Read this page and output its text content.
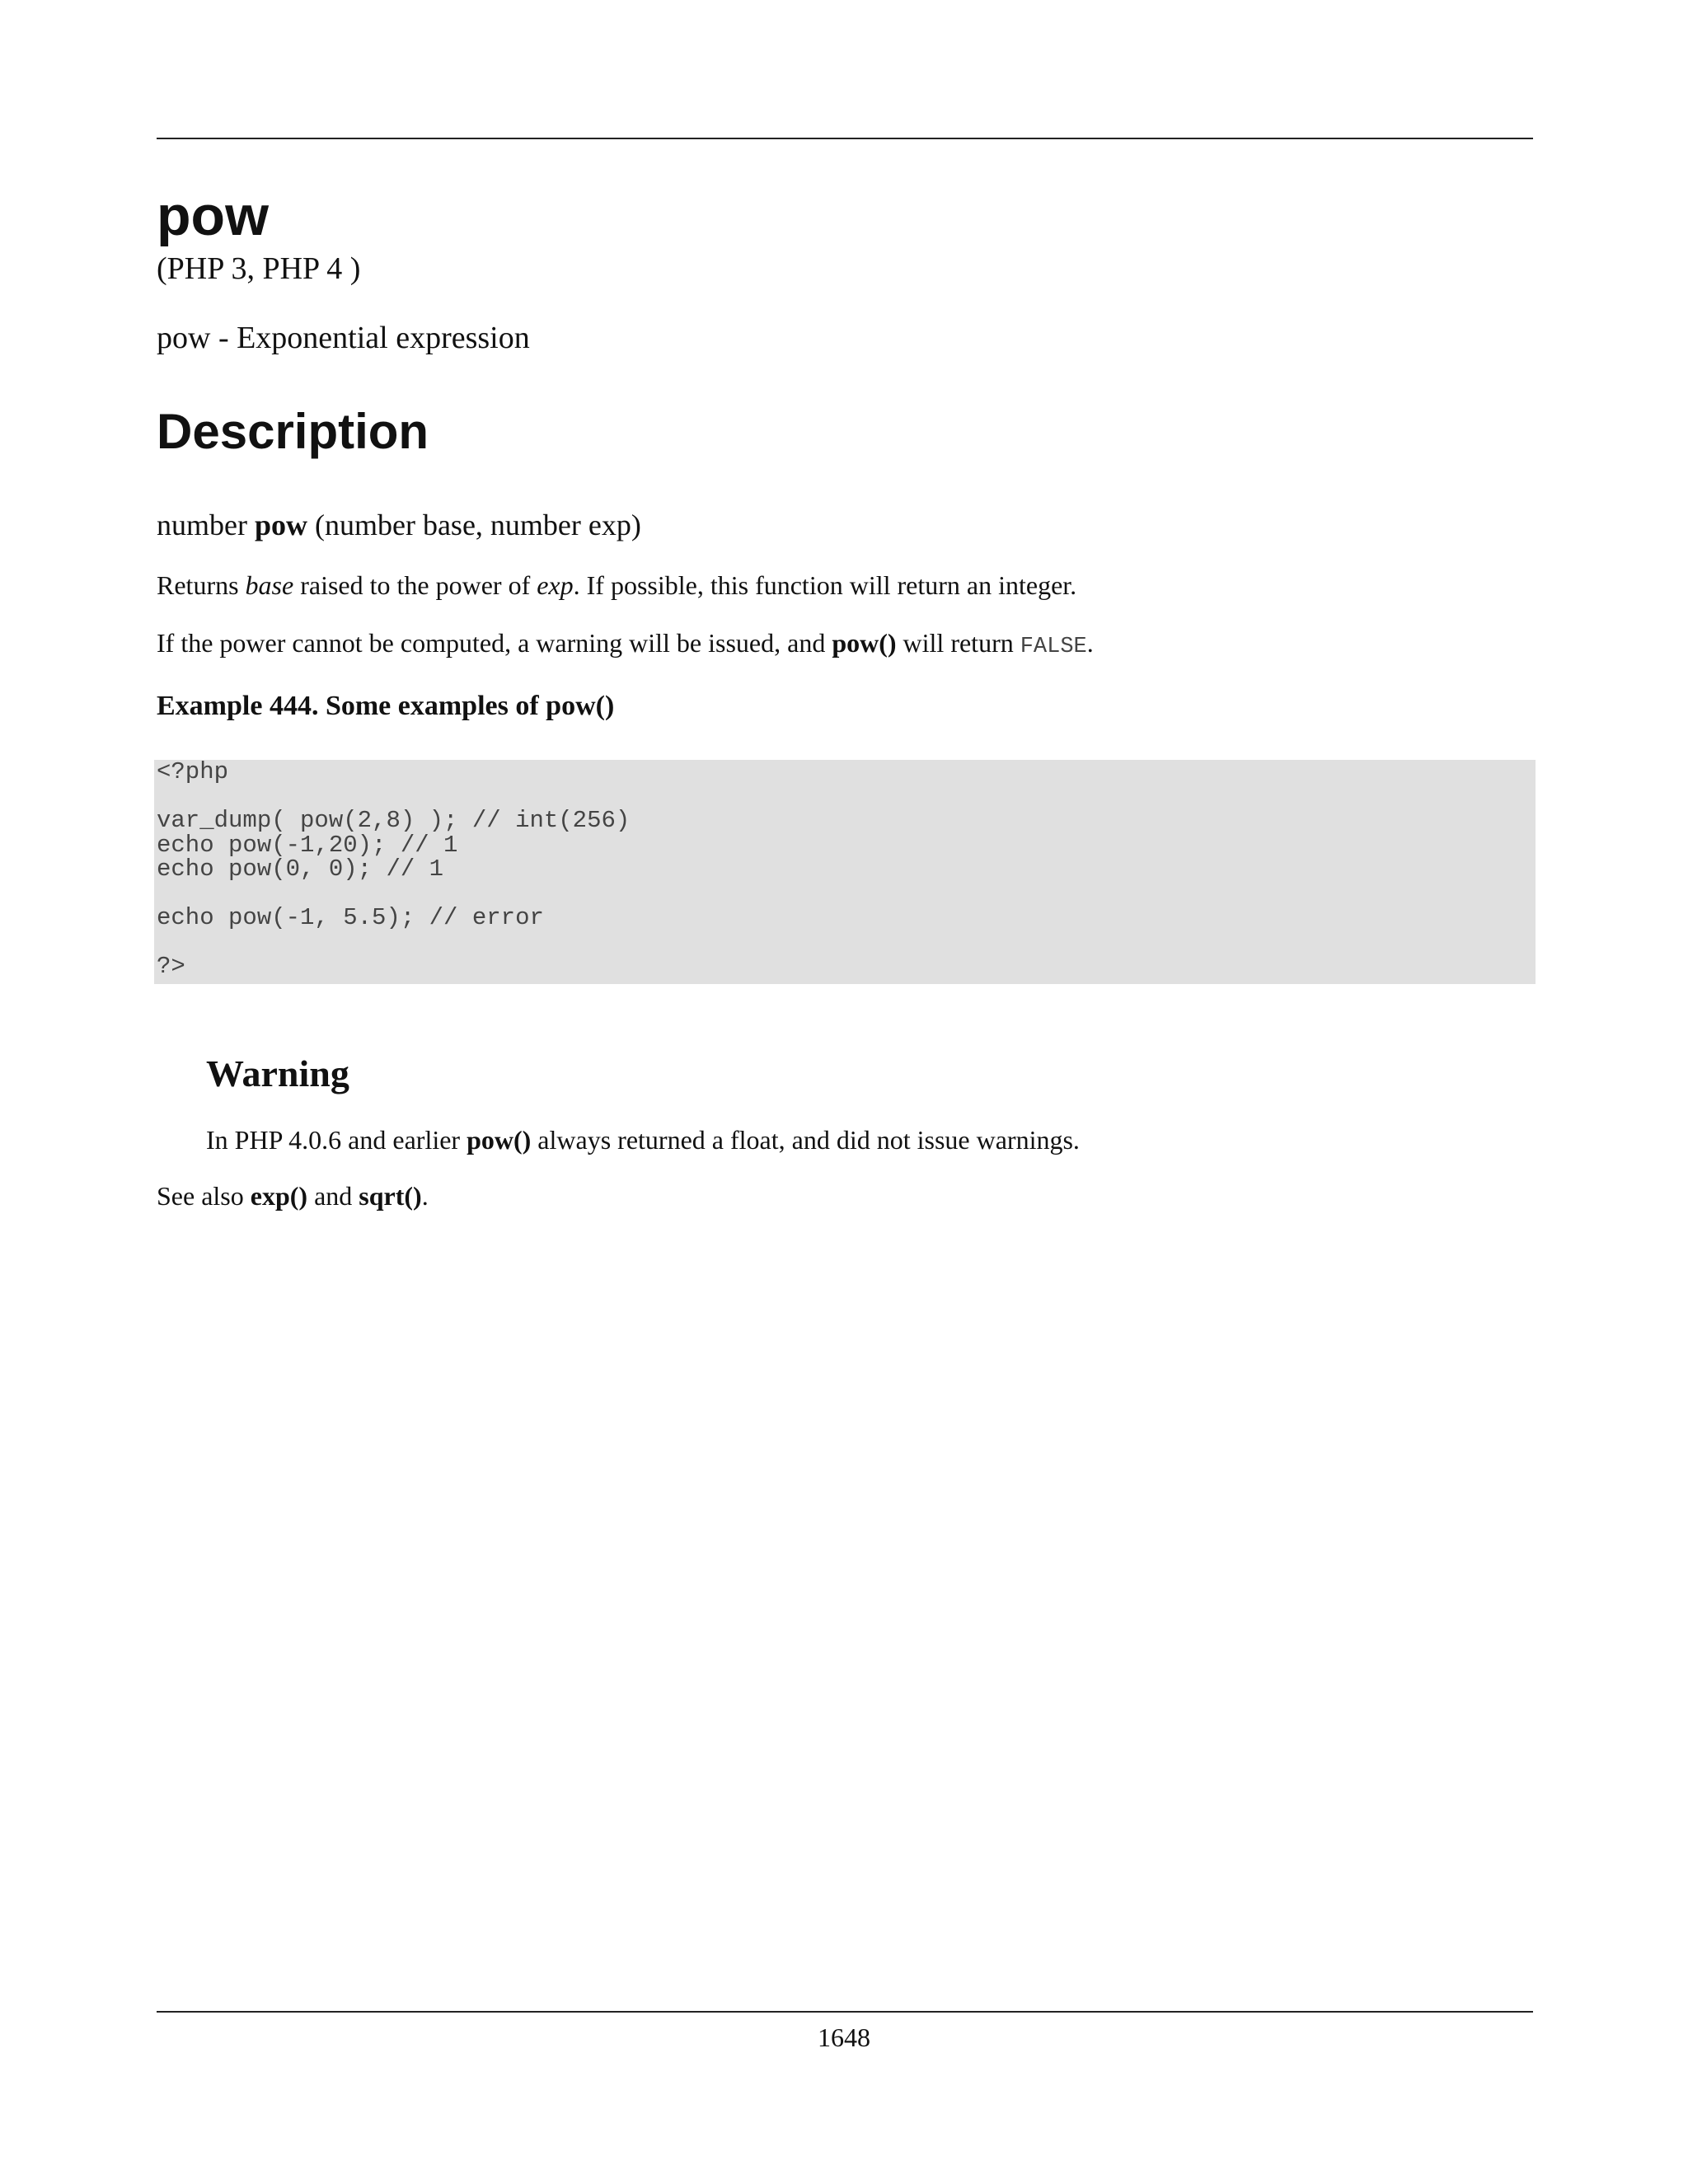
pow

(PHP 3, PHP 4 )

pow - Exponential expression

Description

number pow (number base, number exp)

Returns base raised to the power of exp. If possible, this function will return an integer.

If the power cannot be computed, a warning will be issued, and pow() will return FALSE.

Example 444. Some examples of pow()

<?php

var_dump( pow(2,8) ); // int(256)
echo pow(-1,20); // 1
echo pow(0, 0); // 1

echo pow(-1, 5.5); // error

?>
Warning

In PHP 4.0.6 and earlier pow() always returned a float, and did not issue warnings.

See also exp() and sqrt().

1648
